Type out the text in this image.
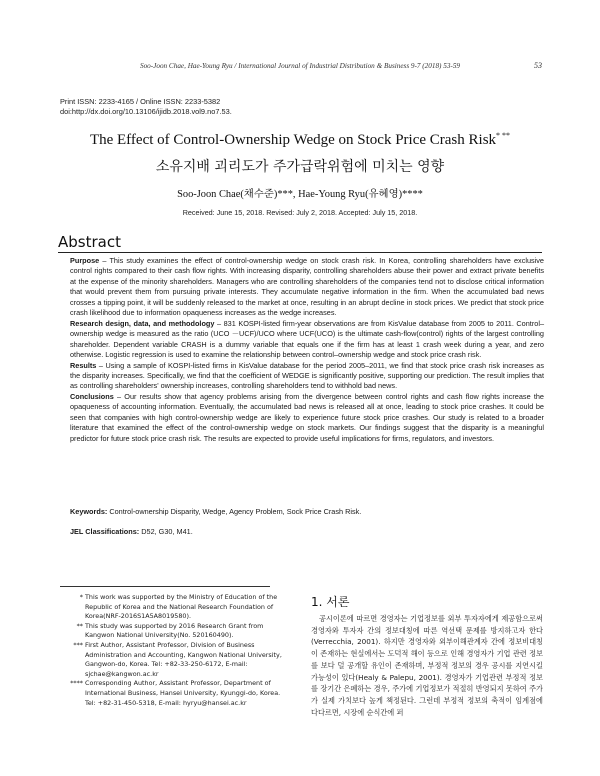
Soo-Joon Chae, Hae-Young Ryu / International Journal of Industrial Distribution & Business 9-7 (2018) 53-59	53
Print ISSN: 2233-4165 / Online ISSN: 2233-5382
doi:http://dx.doi.org/10.13106/ijidb.2018.vol9.no7.53.
The Effect of Control-Ownership Wedge on Stock Price Crash Risk* **
소유지배 괴리도가 주가급락위험에 미치는 영향
Soo-Joon Chae(채수준)***, Hae-Young Ryu(유혜영)****
Received: June 15, 2018. Revised: July 2, 2018. Accepted: July 15, 2018.
Abstract

Purpose – This study examines the effect of control-ownership wedge on stock crash risk. In Korea, controlling shareholders have exclusive control rights compared to their cash flow rights. With increasing disparity, controlling shareholders abuse their power and extract private benefits at the expense of the minority shareholders. Managers who are controlling shareholders of the companies tend not to disclose critical information that would prevent them from pursuing private interests. They accumulate negative information in the firm. When the accumulated bad news crosses a tipping point, it will be suddenly released to the market at once, resulting in an abrupt decline in stock prices. We predict that stock price crash likelihood due to information opaqueness increases as the wedge increases.

Research design, data, and methodology – 831 KOSPI-listed firm-year observations are from KisValue database from 2005 to 2011. Control–ownership wedge is measured as the ratio (UCO －UCF)/UCO where UCF(UCO) is the ultimate cash-flow(control) rights of the largest controlling shareholder. Dependent variable CRASH is a dummy variable that equals one if the firm has at least 1 crash week during a year, and zero otherwise. Logistic regression is used to examine the relationship between control–ownership wedge and stock price crash risk.

Results – Using a sample of KOSPI-listed firms in KisValue database for the period 2005–2011, we find that stock price crash risk increases as the disparity increases. Specifically, we find that the coefficient of WEDGE is significantly positive, supporting our prediction. The result implies that as controlling shareholders' ownership increases, controlling shareholders tend to withhold bad news.

Conclusions – Our results show that agency problems arising from the divergence between control rights and cash flow rights increase the opaqueness of accounting information. Eventually, the accumulated bad news is released all at once, leading to stock price crashes. It could be seen that companies with high control-ownership wedge are likely to experience future stock price crashes. Our study is related to a broader literature that examined the effect of the control-ownership wedge on stock markets. Our findings suggest that the disparity is a meaningful predictor for future stock price crash risk. The results are expected to provide useful implications for firms, regulators, and investors.

Keywords: Control-ownership Disparity, Wedge, Agency Problem, Sock Price Crash Risk.
JEL Classifications: D52, G30, M41.

* This work was supported by the Ministry of Education of the Republic of Korea and the National Research Foundation of Korea(NRF-2016S1A5A8019580).

** This study was supported by 2016 Research Grant from Kangwon National University(No. 520160490).

*** First Author, Assistant Professor, Division of Business Administration and Accounting, Kangwon National University, Gangwon-do, Korea. Tel: +82-33-250-6172, E-mail: sjchae@kangwon.ac.kr

**** Corresponding Author, Assistant Professor, Department of International Business, Hansei University, Kyunggi-do, Korea. Tel: +82-31-450-5318, E-mail: hyryu@hansei.ac.kr

1. 서론

공시이론에 따르면 경영자는 기업정보를 외부 투자자에게 제공함으로써 경영자와 투자자 간의 정보대칭에 따른 역선택 문제를 방지하고자 한다(Verrecchia, 2001). 하지만 경영자와 외부이해관계자 간에 정보비대칭이 존재하는 현실에서는 도덕적 해이 등으로 인해 경영자가 기업 관련 정보를 보다 덜 공개할 유인이 존재하며, 부정적 정보의 경우 공시를 지연시킬 가능성이 있다(Healy & Palepu, 2001). 경영자가 기업관련 부정적 정보를 장기간 은폐하는 경우, 주가에 기업정보가 적절히 반영되지 못하여 주가가 실제 가치보다 높게 책정된다. 그런데 부정적 정보의 축적이 임계점에 다다르면, 시장에 순식간에 퍼
